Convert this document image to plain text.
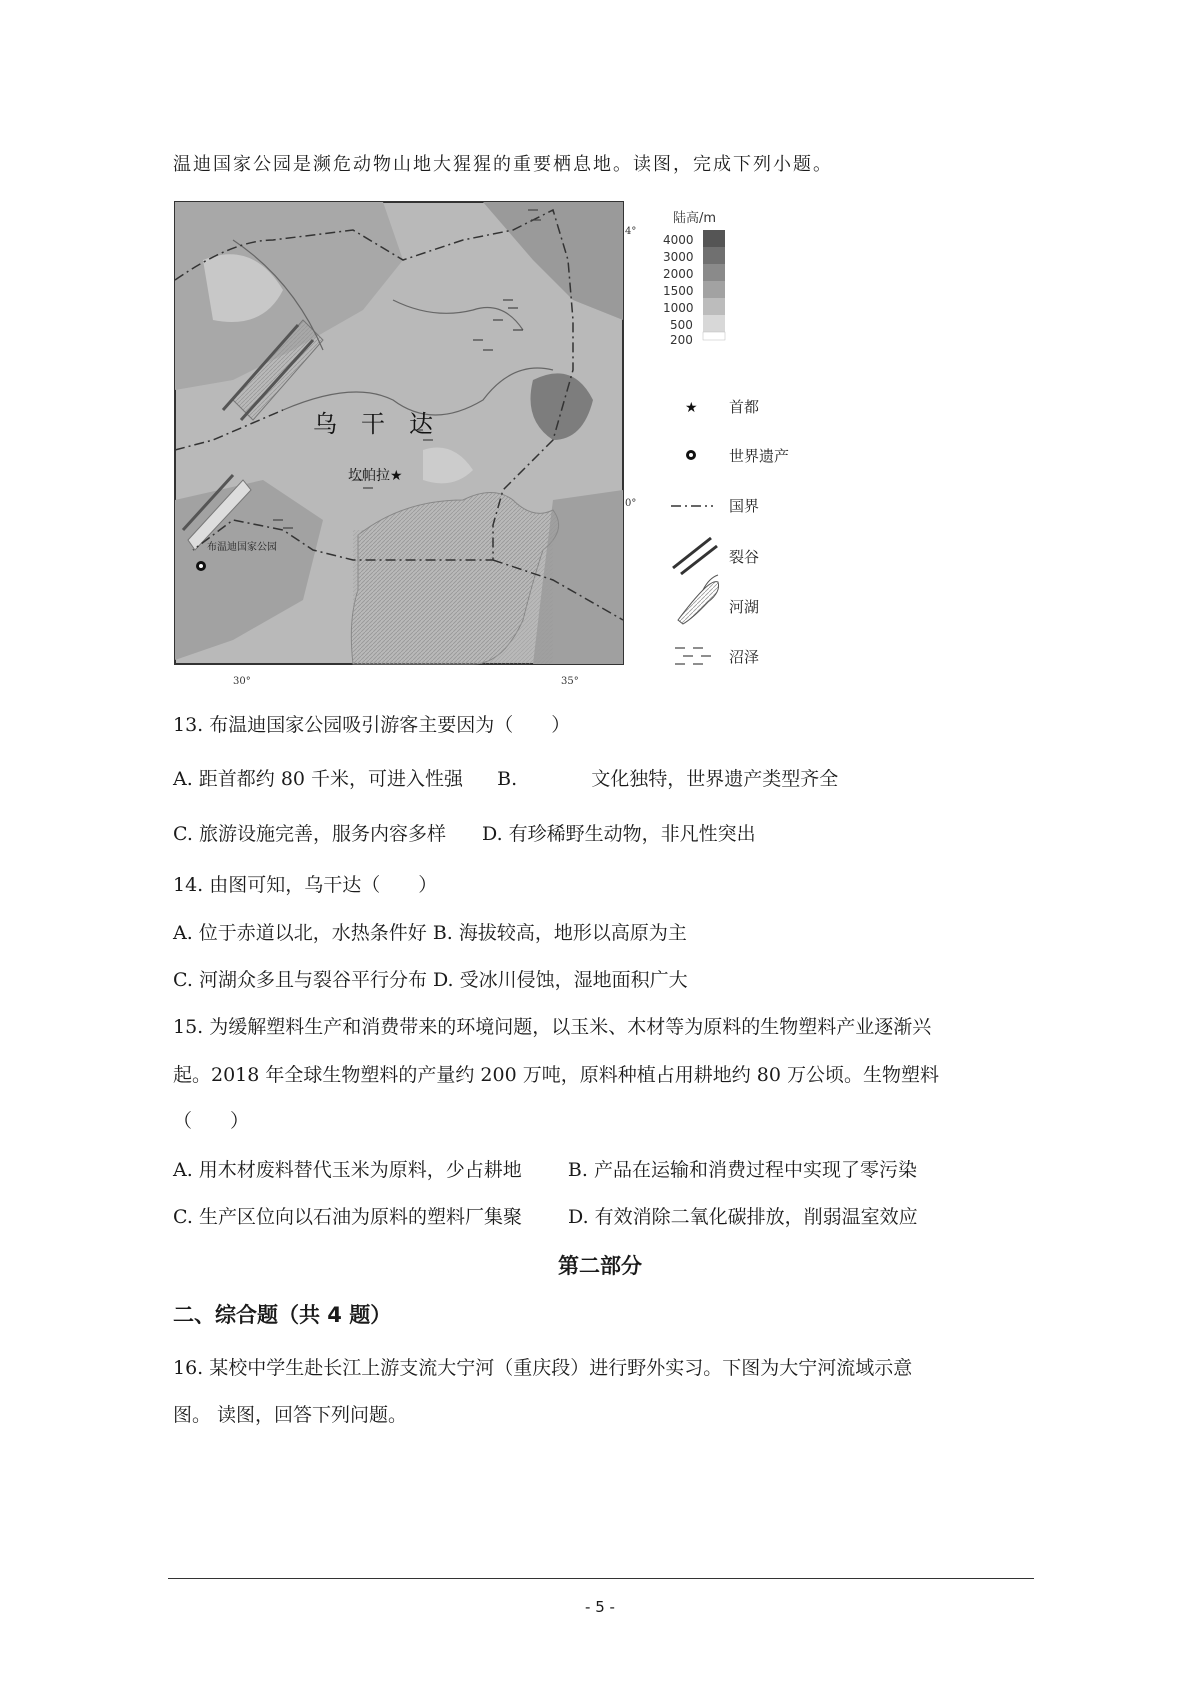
温迪国家公园是濒危动物山地大猩猩的重要栖息地。读图，完成下列小题。
乌　干　达
坎帕拉★
布温迪国家公园
30°	35°
4°
0°
陆高/m
4000
3000
2000
1500
1000
500
200
★ 首都
世界遗产
国界
裂谷
河湖
沼泽
13. 布温迪国家公园吸引游客主要因为（　　）
A. 距首都约 80 千米，可进入性强 B.	文化独特，世界遗产类型齐全
C. 旅游设施完善，服务内容多样 D. 有珍稀野生动物，非凡性突出
14. 由图可知，乌干达（　　）
A. 位于赤道以北，水热条件好 B. 海拔较高，地形以高原为主
C. 河湖众多且与裂谷平行分布 D. 受冰川侵蚀，湿地面积广大
15. 为缓解塑料生产和消费带来的环境问题，以玉米、木材等为原料的生物塑料产业逐渐兴
起。2018 年全球生物塑料的产量约 200 万吨，原料种植占用耕地约 80 万公顷。生物塑料
（　　）
A. 用木材废料替代玉米为原料，少占耕地 B. 产品在运输和消费过程中实现了零污染
C. 生产区位向以石油为原料的塑料厂集聚 D. 有效消除二氧化碳排放，削弱温室效应
第二部分
二、综合题（共 4 题）
16. 某校中学生赴长江上游支流大宁河（重庆段）进行野外实习。下图为大宁河流域示意
图。 读图，回答下列问题。
- 5 -
